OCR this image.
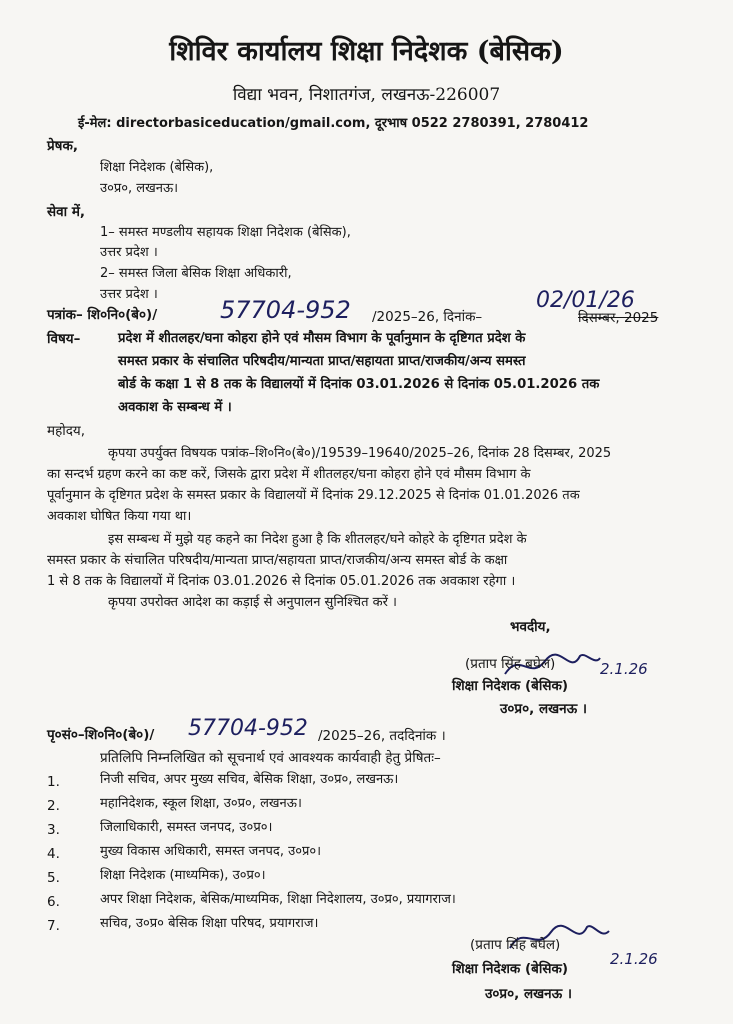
शिविर कार्यालय शिक्षा निदेशक (बेसिक)
विद्या भवन, निशातगंज, लखनऊ-226007
ई-मेल: directorbasiceducation/gmail.com, दूरभाष 0522 2780391, 2780412
प्रेषक,
शिक्षा निदेशक (बेसिक),
उ०प्र०, लखनऊ।
सेवा में,
1– समस्त मण्डलीय सहायक शिक्षा निदेशक (बेसिक),
उत्तर प्रदेश ।
2– समस्त जिला बेसिक शिक्षा अधिकारी,
उत्तर प्रदेश ।
पत्रांक– शि०नि०(बे०)/	57704-952 /2025–26, दिनांक–
02/01/26
दिसम्बर, 2025
विषय–	प्रदेश में शीतलहर/घना कोहरा होने एवं मौसम विभाग के पूर्वानुमान के दृष्टिगत प्रदेश के
समस्त प्रकार के संचालित परिषदीय/मान्यता प्राप्त/सहायता प्राप्त/राजकीय/अन्य समस्त
बोर्ड के कक्षा 1 से 8 तक के विद्यालयों में दिनांक 03.01.2026 से दिनांक 05.01.2026 तक
अवकाश के सम्बन्ध में ।
महोदय,
कृपया उपर्युक्त विषयक पत्रांक–शि०नि०(बे०)/19539–19640/2025–26, दिनांक 28 दिसम्बर, 2025
का सन्दर्भ ग्रहण करने का कष्ट करें, जिसके द्वारा प्रदेश में शीतलहर/घना कोहरा होने एवं मौसम विभाग के
पूर्वानुमान के दृष्टिगत प्रदेश के समस्त प्रकार के विद्यालयों में दिनांक 29.12.2025 से दिनांक 01.01.2026 तक
अवकाश घोषित किया गया था।
इस सम्बन्ध में मुझे यह कहने का निदेश हुआ है कि शीतलहर/घने कोहरे के दृष्टिगत प्रदेश के
समस्त प्रकार के संचालित परिषदीय/मान्यता प्राप्त/सहायता प्राप्त/राजकीय/अन्य समस्त बोर्ड के कक्षा
1 से 8 तक के विद्यालयों में दिनांक 03.01.2026 से दिनांक 05.01.2026 तक अवकाश रहेगा ।
कृपया उपरोक्त आदेश का कड़ाई से अनुपालन सुनिश्चित करें ।
भवदीय,
(प्रताप सिंह बघेल)	2.1.26
शिक्षा निदेशक (बेसिक)
उ०प्र०, लखनऊ ।
पृ०सं०–शि०नि०(बे०)/ 57704-952 /2025–26, तददिनांक ।
प्रतिलिपि निम्नलिखित को सूचनार्थ एवं आवश्यक कार्यवाही हेतु प्रेषितः–
1.	निजी सचिव, अपर मुख्य सचिव, बेसिक शिक्षा, उ०प्र०, लखनऊ।
2.	महानिदेशक, स्कूल शिक्षा, उ०प्र०, लखनऊ।
3.	जिलाधिकारी, समस्त जनपद, उ०प्र०।
4.	मुख्य विकास अधिकारी, समस्त जनपद, उ०प्र०।
5.	शिक्षा निदेशक (माध्यमिक), उ०प्र०।
6.	अपर शिक्षा निदेशक, बेसिक/माध्यमिक, शिक्षा निदेशालय, उ०प्र०, प्रयागराज।
7.	सचिव, उ०प्र० बेसिक शिक्षा परिषद, प्रयागराज।
(प्रताप सिंह बघेल)
2.1.26
शिक्षा निदेशक (बेसिक)
उ०प्र०, लखनऊ ।
